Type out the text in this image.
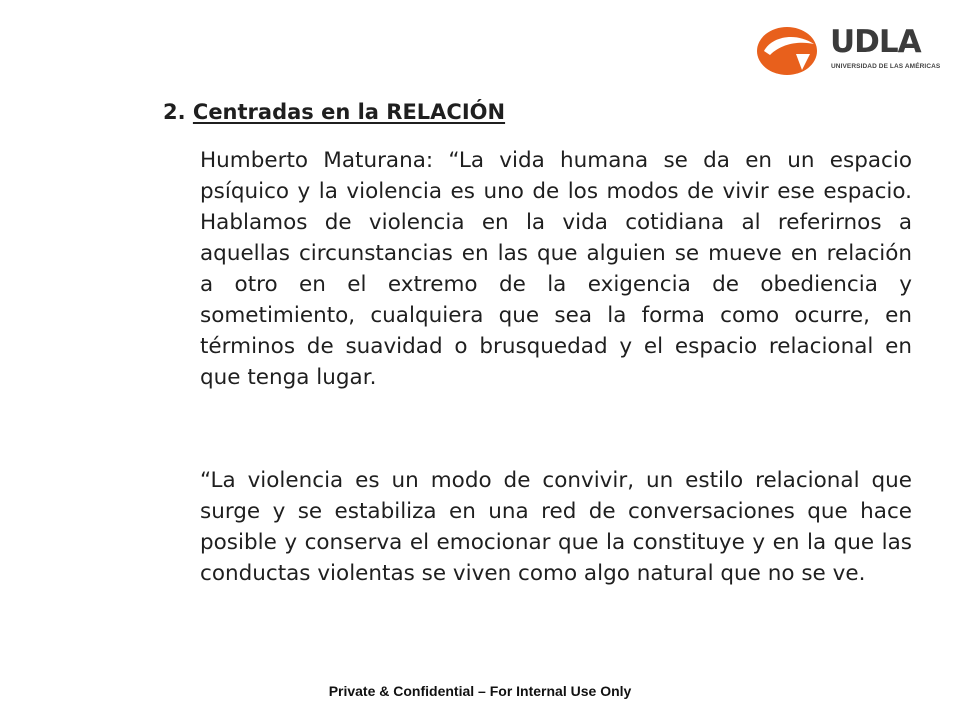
UDLA
UNIVERSIDAD DE LAS AMÉRICAS
2. Centradas en la RELACIÓN

Humberto Maturana: “La vida humana se da en un espacio psíquico y la violencia es uno de los modos de vivir ese espacio. Hablamos de violencia en la vida cotidiana al referirnos a aquellas circunstancias en las que alguien se mueve en relación a otro en el extremo de la exigencia de obediencia y sometimiento, cualquiera que sea la forma como ocurre, en términos de suavidad o brusquedad y el espacio relacional en que tenga lugar.

“La violencia es un modo de convivir, un estilo relacional que surge y se estabiliza en una red de conversaciones que hace posible y conserva el emocionar que la constituye y en la que las conductas violentas se viven como algo natural que no se ve.

Private & Confidential – For Internal Use Only
